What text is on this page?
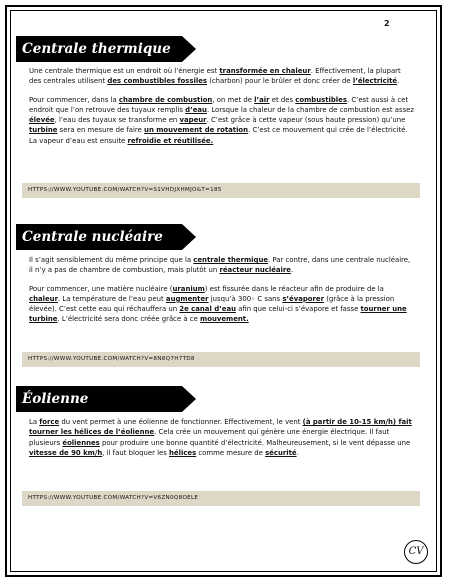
2
Centrale thermique

Une centrale thermique est un endroit où l’énergie est transformée en chaleur. Effectivement, la plupart des centrales utilisent des combustibles fossiles (charbon) pour le brûler et donc créer de l’électricité.

Pour commencer, dans la chambre de combustion, on met de l’air et des combustibles. C’est aussi à cet endroit que l’on retrouve des tuyaux remplis d’eau. Lorsque la chaleur de la chambre de combustion est assez élevée, l’eau des tuyaux se transforme en vapeur. C’est grâce à cette vapeur (sous haute pression) qu’une turbine sera en mesure de faire un mouvement de rotation. C’est ce mouvement qui crée de l’électricité. La vapeur d’eau est ensuite refroidie et réutilisée.

HTTPS://WWW.YOUTUBE.COM/WATCH?V=S1VHDJXHMJO&T=185
Centrale nucléaire

Il s’agit sensiblement du même principe que la centrale thermique. Par contre, dans une centrale nucléaire, il n’y a pas de chambre de combustion, mais plutôt un réacteur nucléaire.

Pour commencer, une matière nucléaire (uranium) est fissurée dans le réacteur afin de produire de la chaleur. La température de l’eau peut augmenter jusqu’à 300◦ C sans s’évaporer (grâce à la pression élevée). C’est cette eau qui réchauffera un 2e canal d’eau afin que celui-ci s’évapore et fasse tourner une turbine. L’électricité sera donc créée grâce à ce mouvement.

HTTPS://WWW.YOUTUBE.COM/WATCH?V=8N8Q7H7TD8
Éolienne

La force du vent permet à une éolienne de fonctionner. Effectivement, le vent (à partir de 10-15 km/h) fait tourner les hélices de l’éolienne. Cela crée un mouvement qui génère une énergie électrique. Il faut plusieurs éoliennes pour produire une bonne quantité d’électricité. Malheureusement, si le vent dépasse une vitesse de 90 km/h, il faut bloquer les hélices comme mesure de sécurité.

HTTPS://WWW.YOUTUBE.COM/WATCH?V=V6ZN0Q8OELE
CV
